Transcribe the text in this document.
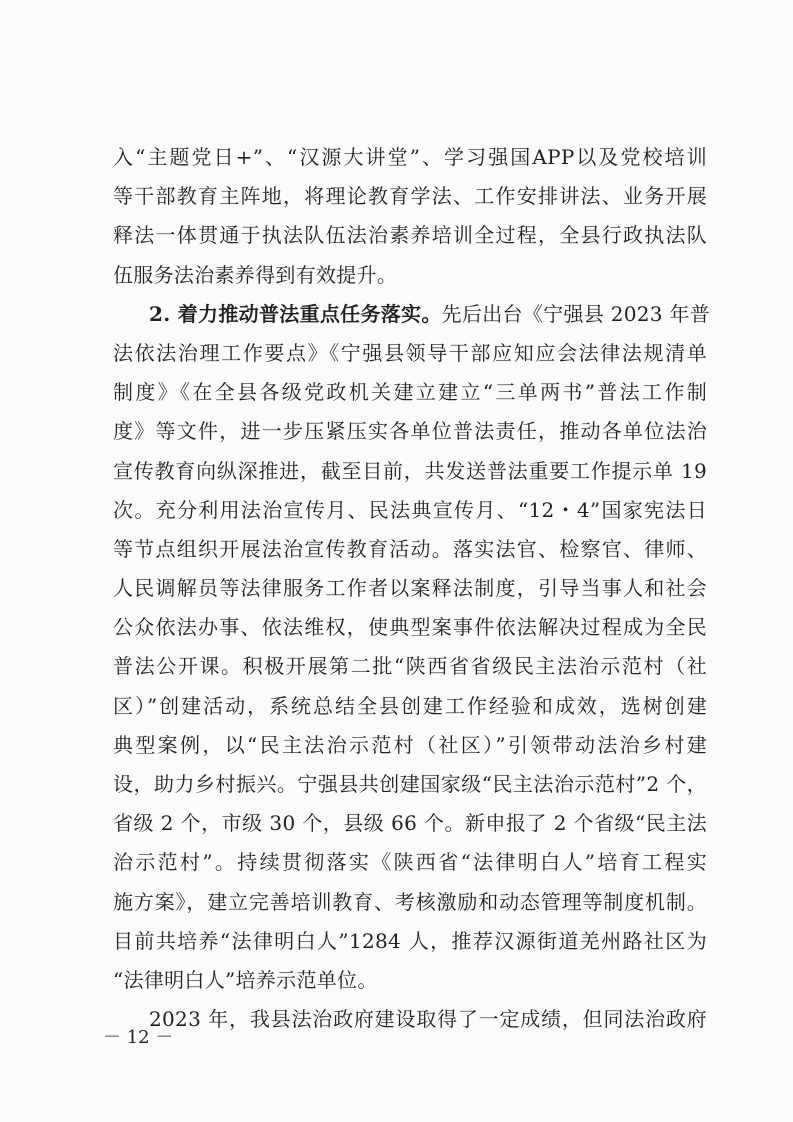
入“主题党日+”、“汉源大讲堂”、学习强国APP以及党校培训
等干部教育主阵地，将理论教育学法、工作安排讲法、业务开展
释法一体贯通于执法队伍法治素养培训全过程，全县行政执法队
伍服务法治素养得到有效提升。
2. 着力推动普法重点任务落实。先后出台《宁强县 2023 年普
法依法治理工作要点》《宁强县领导干部应知应会法律法规清单
制度》《在全县各级党政机关建立建立“三单两书”普法工作制
度》等文件，进一步压紧压实各单位普法责任，推动各单位法治
宣传教育向纵深推进，截至目前，共发送普法重要工作提示单 19
次。充分利用法治宣传月、民法典宣传月、“12・4”国家宪法日
等节点组织开展法治宣传教育活动。落实法官、检察官、律师、
人民调解员等法律服务工作者以案释法制度，引导当事人和社会
公众依法办事、依法维权，使典型案事件依法解决过程成为全民
普法公开课。积极开展第二批“陕西省省级民主法治示范村（社
区）”创建活动，系统总结全县创建工作经验和成效，选树创建
典型案例，以“民主法治示范村（社区）”引领带动法治乡村建
设，助力乡村振兴。宁强县共创建国家级“民主法治示范村”2 个，
省级 2 个，市级 30 个，县级 66 个。新申报了 2 个省级“民主法
治示范村”。持续贯彻落实《陕西省“法律明白人”培育工程实
施方案》，建立完善培训教育、考核激励和动态管理等制度机制。
目前共培养“法律明白人”1284 人，推荐汉源街道羌州路社区为
“法律明白人”培养示范单位。
2023 年，我县法治政府建设取得了一定成绩，但同法治政府
－ 12 －
